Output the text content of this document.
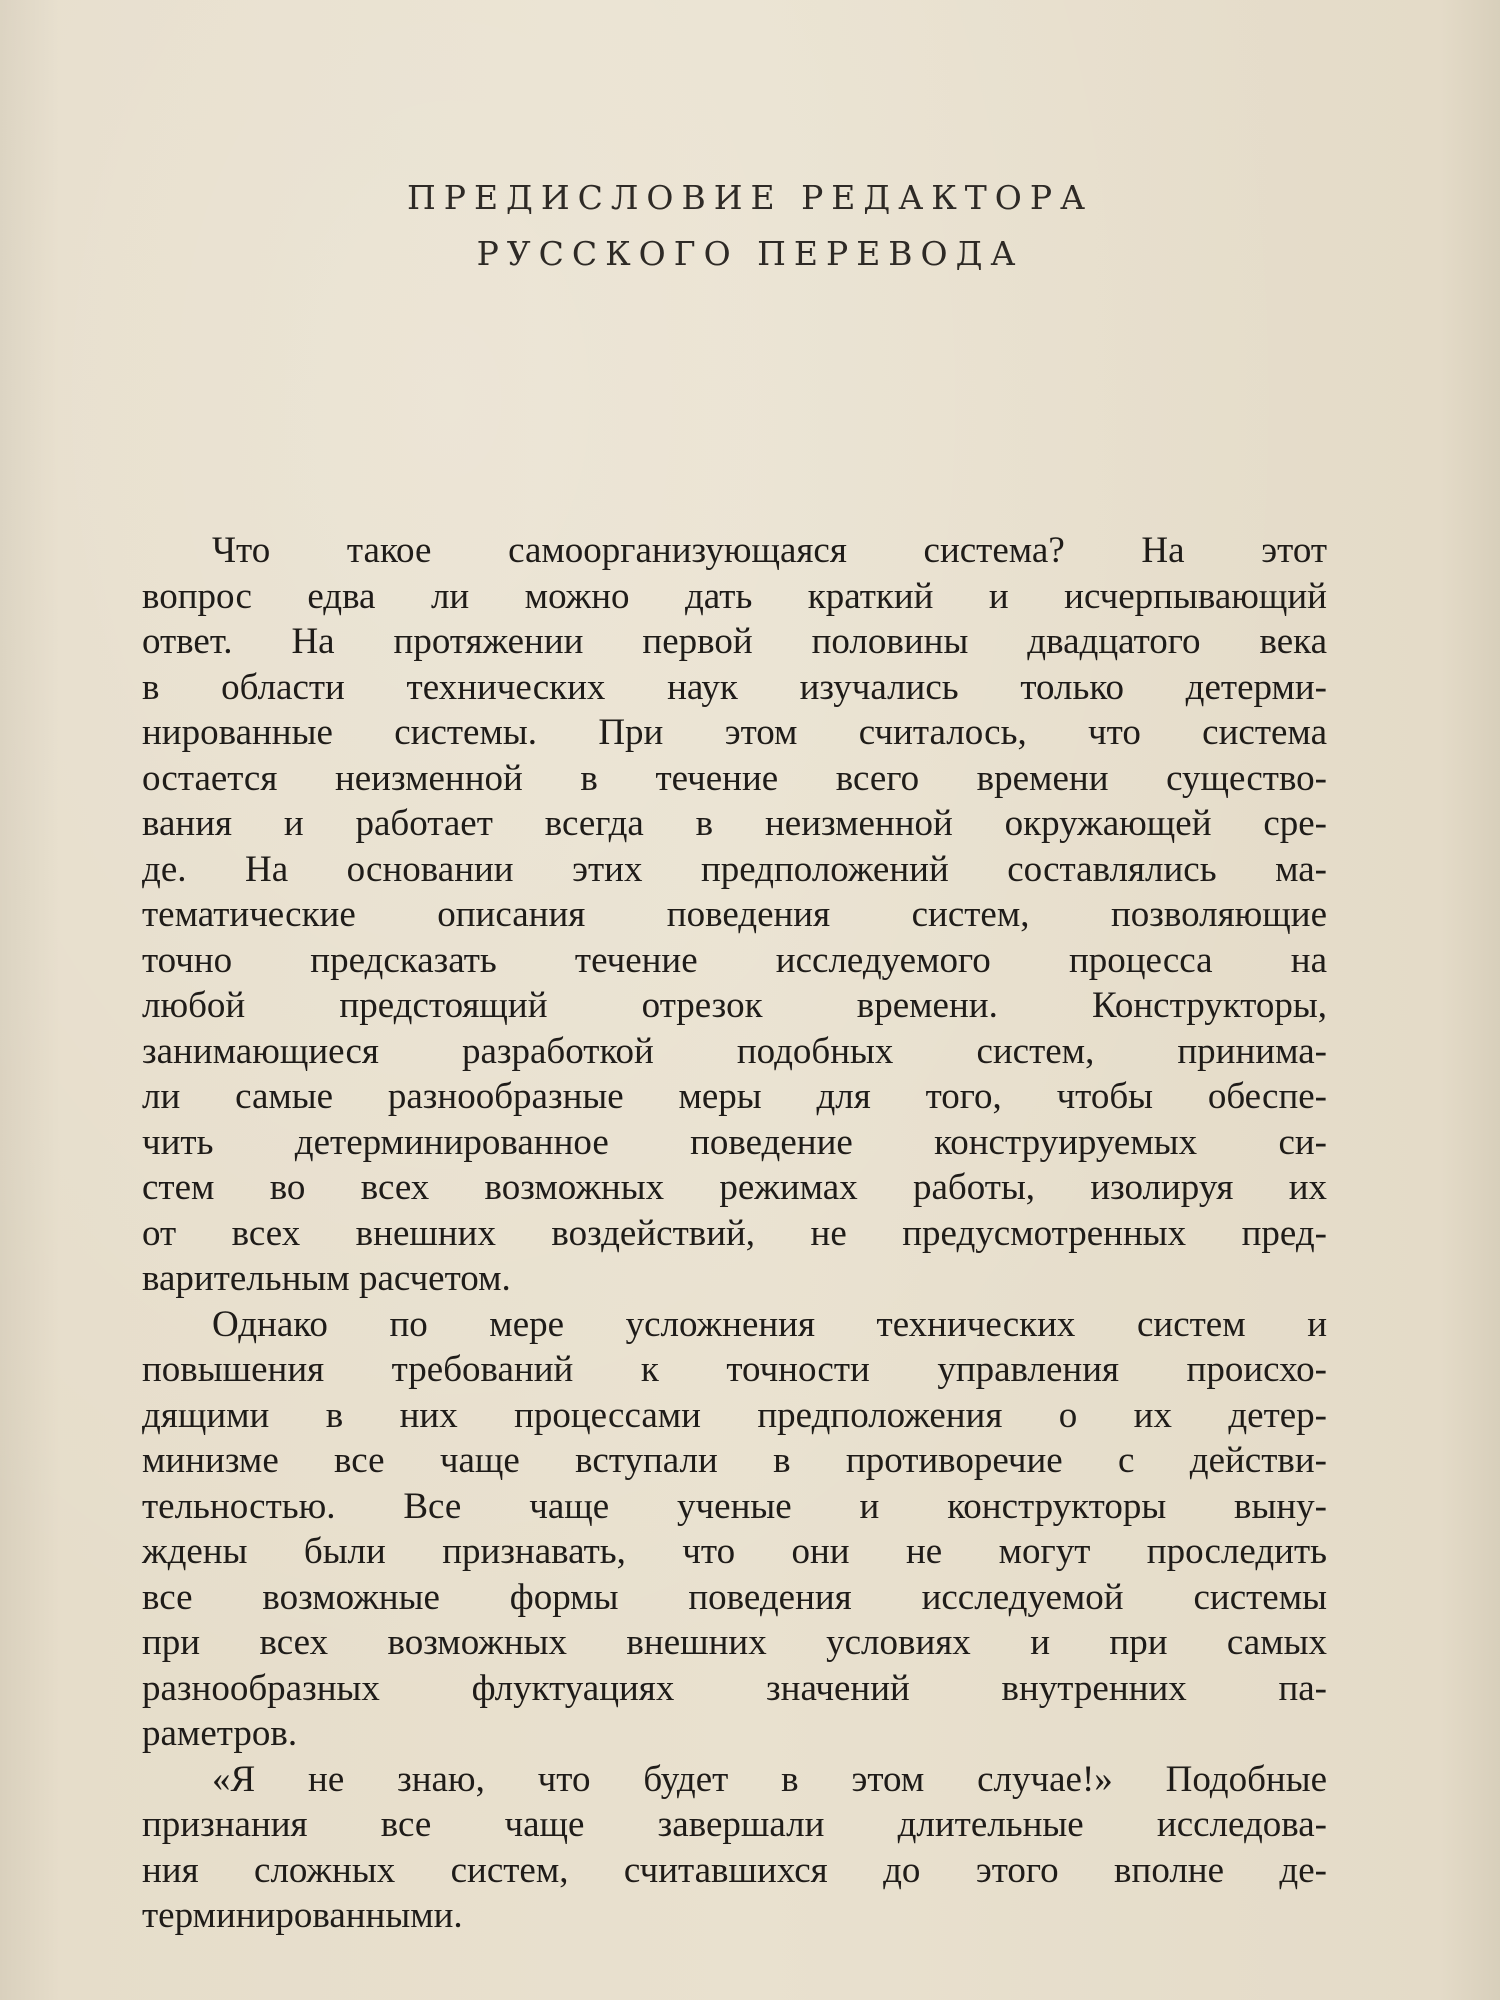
ПРЕДИСЛОВИЕ РЕДАКТОРА
РУССКОГО ПЕРЕВОДА
Что такое самоорганизующаяся система? На этот
вопрос едва ли можно дать краткий и исчерпывающий
ответ. На протяжении первой половины двадцатого века
в области технических наук изучались только детерми-
нированные системы. При этом считалось, что система
остается неизменной в течение всего времени существо-
вания и работает всегда в неизменной окружающей сре-
де. На основании этих предположений составлялись ма-
тематические описания поведения систем, позволяющие
точно предсказать течение исследуемого процесса на
любой предстоящий отрезок времени. Конструкторы,
занимающиеся разработкой подобных систем, принима-
ли самые разнообразные меры для того, чтобы обеспе-
чить детерминированное поведение конструируемых си-
стем во всех возможных режимах работы, изолируя их
от всех внешних воздействий, не предусмотренных пред-
варительным расчетом.
Однако по мере усложнения технических систем и
повышения требований к точности управления происхо-
дящими в них процессами предположения о их детер-
минизме все чаще вступали в противоречие с действи-
тельностью. Все чаще ученые и конструкторы выну-
ждены были признавать, что они не могут проследить
все возможные формы поведения исследуемой системы
при всех возможных внешних условиях и при самых
разнообразных флуктуациях значений внутренних па-
раметров.
«Я не знаю, что будет в этом случае!» Подобные
признания все чаще завершали длительные исследова-
ния сложных систем, считавшихся до этого вполне де-
терминированными.
